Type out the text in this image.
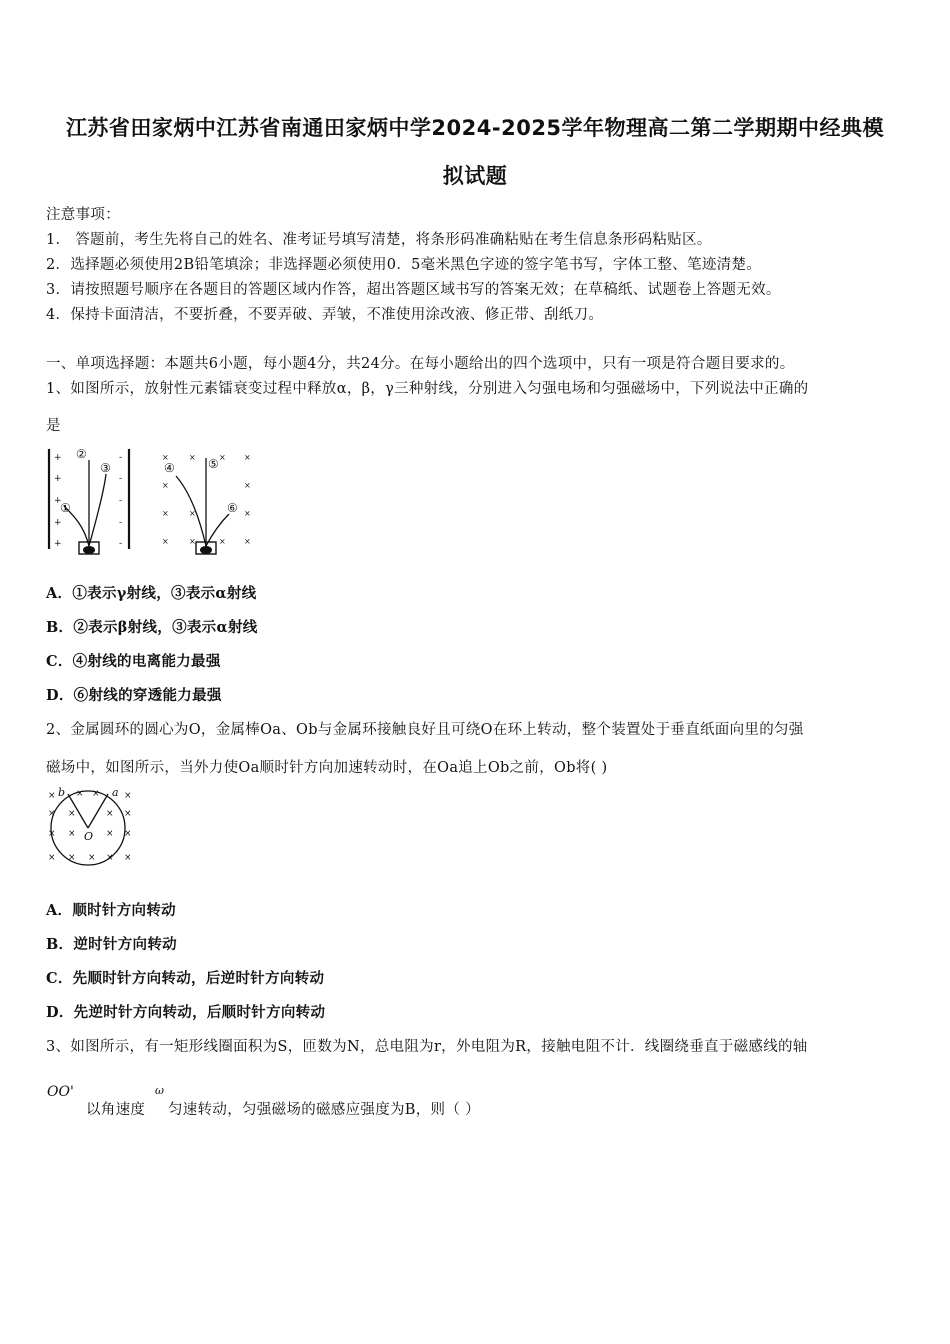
江苏省田家炳中江苏省南通田家炳中学2024-2025学年物理高二第二学期期中经典模
拟试题
注意事项：
1． 答题前，考生先将自己的姓名、准考证号填写清楚，将条形码准确粘贴在考生信息条形码粘贴区。
2．选择题必须使用2B铅笔填涂；非选择题必须使用0．5毫米黑色字迹的签字笔书写，字体工整、笔迹清楚。
3．请按照题号顺序在各题目的答题区域内作答，超出答题区域书写的答案无效；在草稿纸、试题卷上答题无效。
4．保持卡面清洁，不要折叠，不要弄破、弄皱，不准使用涂改液、修正带、刮纸刀。
一、单项选择题：本题共6小题，每小题4分，共24分。在每小题给出的四个选项中，只有一项是符合题目要求的。
1、如图所示，放射性元素镭衰变过程中释放α，β，γ三种射线，分别进入匀强电场和匀强磁场中，下列说法中正确的
是
+
+
+
+
+
-
-
-
-
-
①
②
③
×	×	× ×
×	×
×	×	×
×	×	× ×
④	⑤
⑥
A．①表示γ射线，③表示α射线
B．②表示β射线，③表示α射线
C．④射线的电离能力最强
D．⑥射线的穿透能力最强
2、金属圆环的圆心为O，金属棒Oa、Ob与金属环接触良好且可绕O在环上转动，整个装置处于垂直纸面向里的匀强
磁场中，如图所示，当外力使Oa顺时针方向加速转动时，在Oa追上Ob之前，Ob将( )
× × ×	×
× ×	× ×
× ×	× ×
× × × × ×
b	a
O
A．顺时针方向转动
B．逆时针方向转动
C．先顺时针方向转动，后逆时针方向转动
D．先逆时针方向转动，后顺时针方向转动
3、如图所示，有一矩形线圈面积为S，匝数为N，总电阻为r，外电阻为R，接触电阻不计．线圈绕垂直于磁感线的轴
OO'
以角速度
ω
匀速转动，匀强磁场的磁感应强度为B，则（ ）
